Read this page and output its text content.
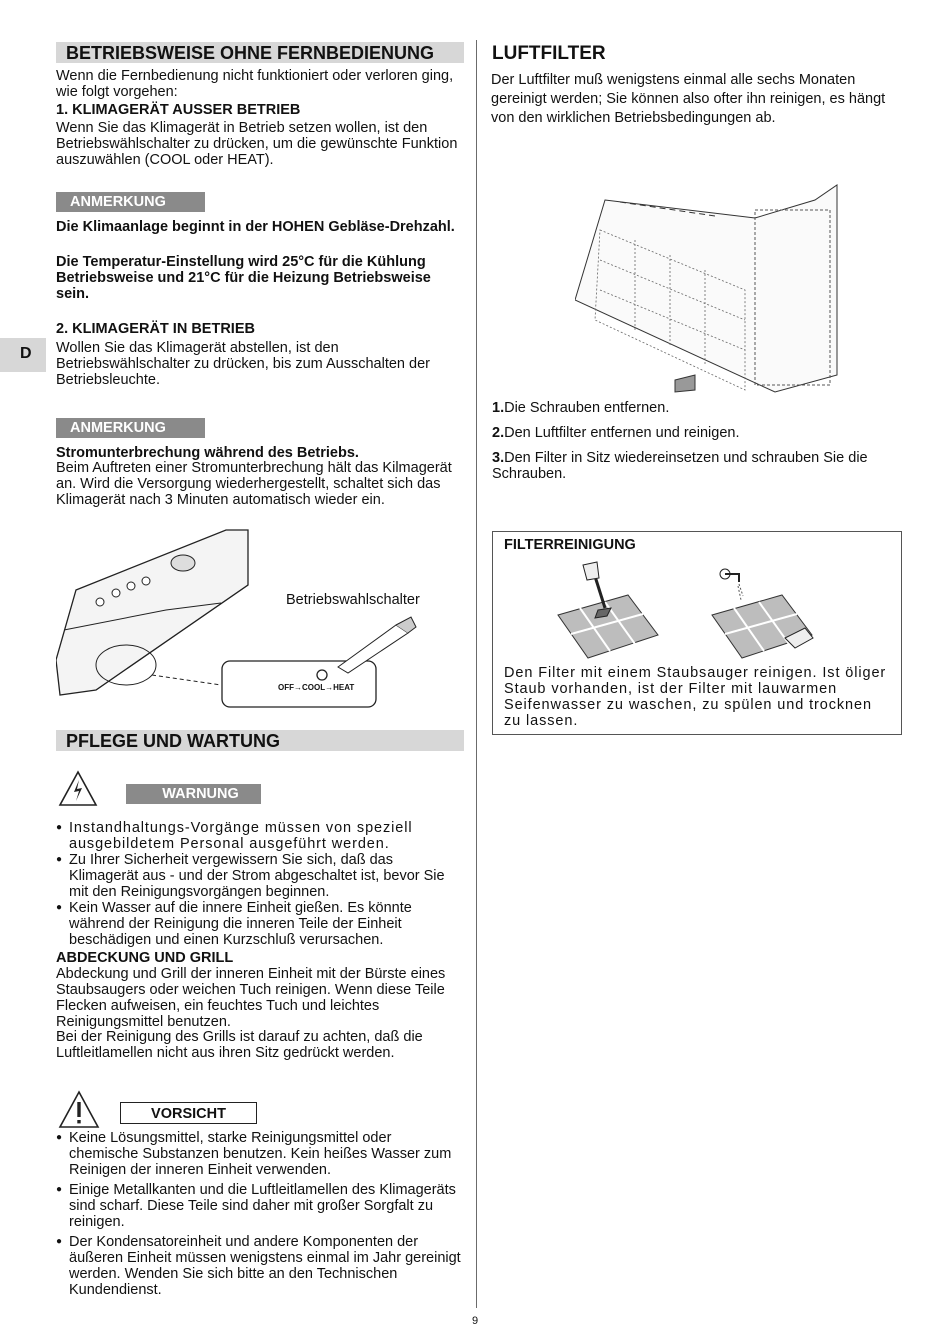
D
BETRIEBSWEISE OHNE FERNBEDIENUNG

Wenn die Fernbedienung nicht funktioniert oder verloren ging, wie folgt vorgehen:

1. KLIMAGERÄT AUSSER BETRIEB

Wenn Sie das Klimagerät in Betrieb setzen wollen, ist den Betriebswählschalter zu drücken, um die gewünschte Funktion auszuwählen (COOL oder HEAT).

ANMERKUNG

Die Klimaanlage beginnt in der HOHEN Gebläse-Drehzahl.

Die Temperatur-Einstellung wird 25°C für die Kühlung Betriebsweise und 21°C für die Heizung Betriebsweise sein.

2. KLIMAGERÄT IN BETRIEB

Wollen Sie das Klimagerät abstellen, ist den Betriebswählschalter zu drücken, bis zum Ausschalten der Betriebsleuchte.

ANMERKUNG

Stromunterbrechung während des Betriebs.

Beim Auftreten einer Stromunterbrechung hält das Kilmagerät an. Wird die Versorgung wiederhergestellt, schaltet sich das Klimagerät nach 3 Minuten automatisch wieder ein.

Betriebswahlschalter
OFF→COOL→HEAT
PFLEGE UND WARTUNG
WARNUNG
● Instandhaltungs-Vorgänge müssen von speziell ausgebildetem Personal ausgeführt werden.
● Zu Ihrer Sicherheit vergewissern Sie sich, daß das Klimagerät aus - und der Strom abgeschaltet ist, bevor Sie mit den Reinigungsvorgängen beginnen.
● Kein Wasser auf die innere Einheit gießen. Es könnte während der Reinigung die inneren Teile der Einheit beschädigen und einen Kurzschluß verursachen.

ABDECKUNG UND GRILL

Abdeckung und Grill der inneren Einheit mit der Bürste eines Staubsaugers oder weichen Tuch reinigen. Wenn diese Teile Flecken aufweisen, ein feuchtes Tuch und leichtes Reinigungsmittel benutzen.

Bei der Reinigung des Grills ist darauf zu achten, daß die Luftleitlamellen nicht aus ihren Sitz gedrückt werden.

VORSICHT
● Keine Lösungsmittel, starke Reinigungsmittel oder chemische Substanzen benutzen. Kein heißes Wasser zum Reinigen der inneren Einheit verwenden.
● Einige Metallkanten und die Luftleitlamellen des Klimageräts sind scharf. Diese Teile sind daher mit großer Sorgfalt zu reinigen.
● Der Kondensatoreinheit und andere Komponenten der äußeren Einheit müssen wenigstens einmal im Jahr gereinigt werden. Wenden Sie sich bitte an den Technischen Kundendienst.
LUFTFILTER

Der Luftfilter muß wenigstens einmal alle sechs Monaten gereinigt werden; Sie können also ofter ihn reinigen, es hängt von den wirklichen Betriebsbedingungen ab.

1.Die Schrauben entfernen.
2.Den Luftfilter entfernen und reinigen.
3.Den Filter in Sitz wiedereinsetzen und schrauben Sie die Schrauben.
FILTERREINIGUNG

Den Filter mit einem Staubsauger reinigen. Ist öliger Staub vorhanden, ist der Filter mit lauwarmen Seifenwasser zu waschen, zu spülen und trocknen zu lassen.

9
